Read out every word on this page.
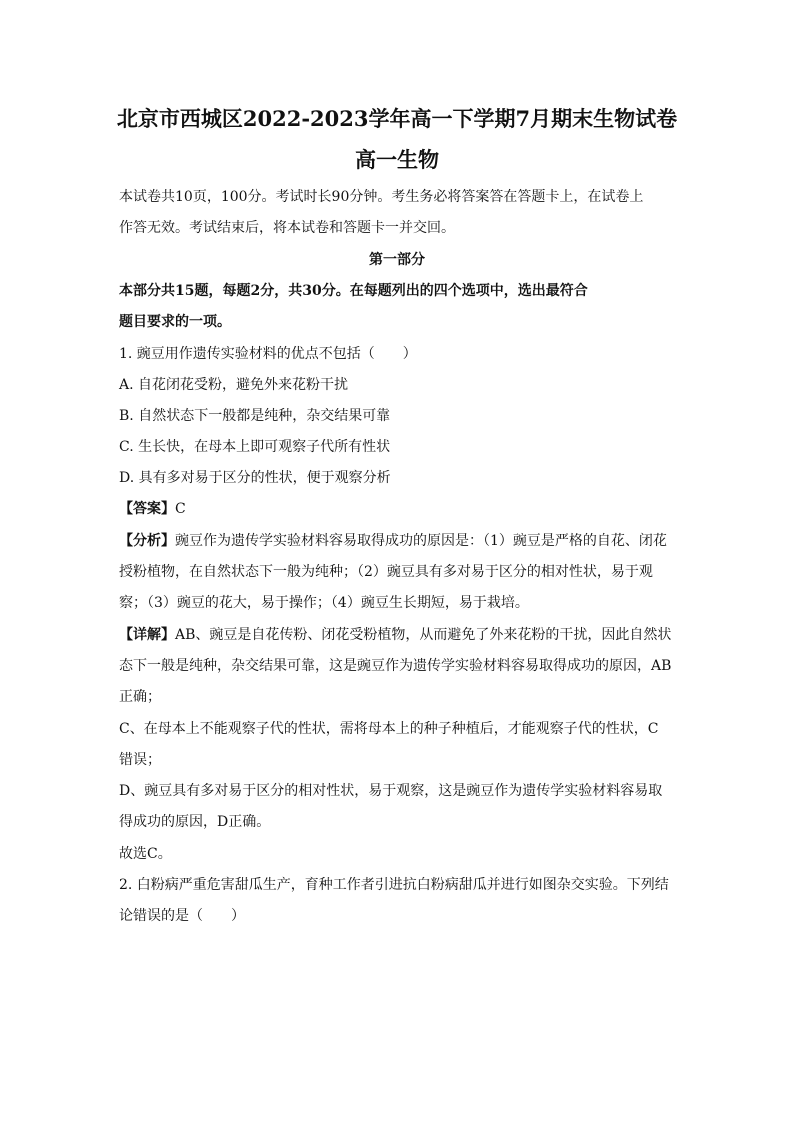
北京市西城区2022-2023学年高一下学期7月期末生物试卷
高一生物
本试卷共10页，100分。考试时长90分钟。考生务必将答案答在答题卡上，在试卷上
作答无效。考试结束后，将本试卷和答题卡一并交回。
第一部分
本部分共15题，每题2分，共30分。在每题列出的四个选项中，选出最符合
题目要求的一项。
1. 豌豆用作遗传实验材料的优点不包括（　　）
A. 自花闭花受粉，避免外来花粉干扰
B. 自然状态下一般都是纯种，杂交结果可靠
C. 生长快，在母本上即可观察子代所有性状
D. 具有多对易于区分的性状，便于观察分析
【答案】C
【分析】豌豆作为遗传学实验材料容易取得成功的原因是：（1）豌豆是严格的自花、闭花
授粉植物，在自然状态下一般为纯种；（2）豌豆具有多对易于区分的相对性状，易于观
察；（3）豌豆的花大，易于操作；（4）豌豆生长期短，易于栽培。
【详解】AB、豌豆是自花传粉、闭花受粉植物，从而避免了外来花粉的干扰，因此自然状
态下一般是纯种，杂交结果可靠，这是豌豆作为遗传学实验材料容易取得成功的原因，AB
正确；
C、在母本上不能观察子代的性状，需将母本上的种子种植后，才能观察子代的性状，C
错误；
D、豌豆具有多对易于区分的相对性状，易于观察，这是豌豆作为遗传学实验材料容易取
得成功的原因，D正确。
故选C。
2. 白粉病严重危害甜瓜生产，育种工作者引进抗白粉病甜瓜并进行如图杂交实验。下列结
论错误的是（　　）
